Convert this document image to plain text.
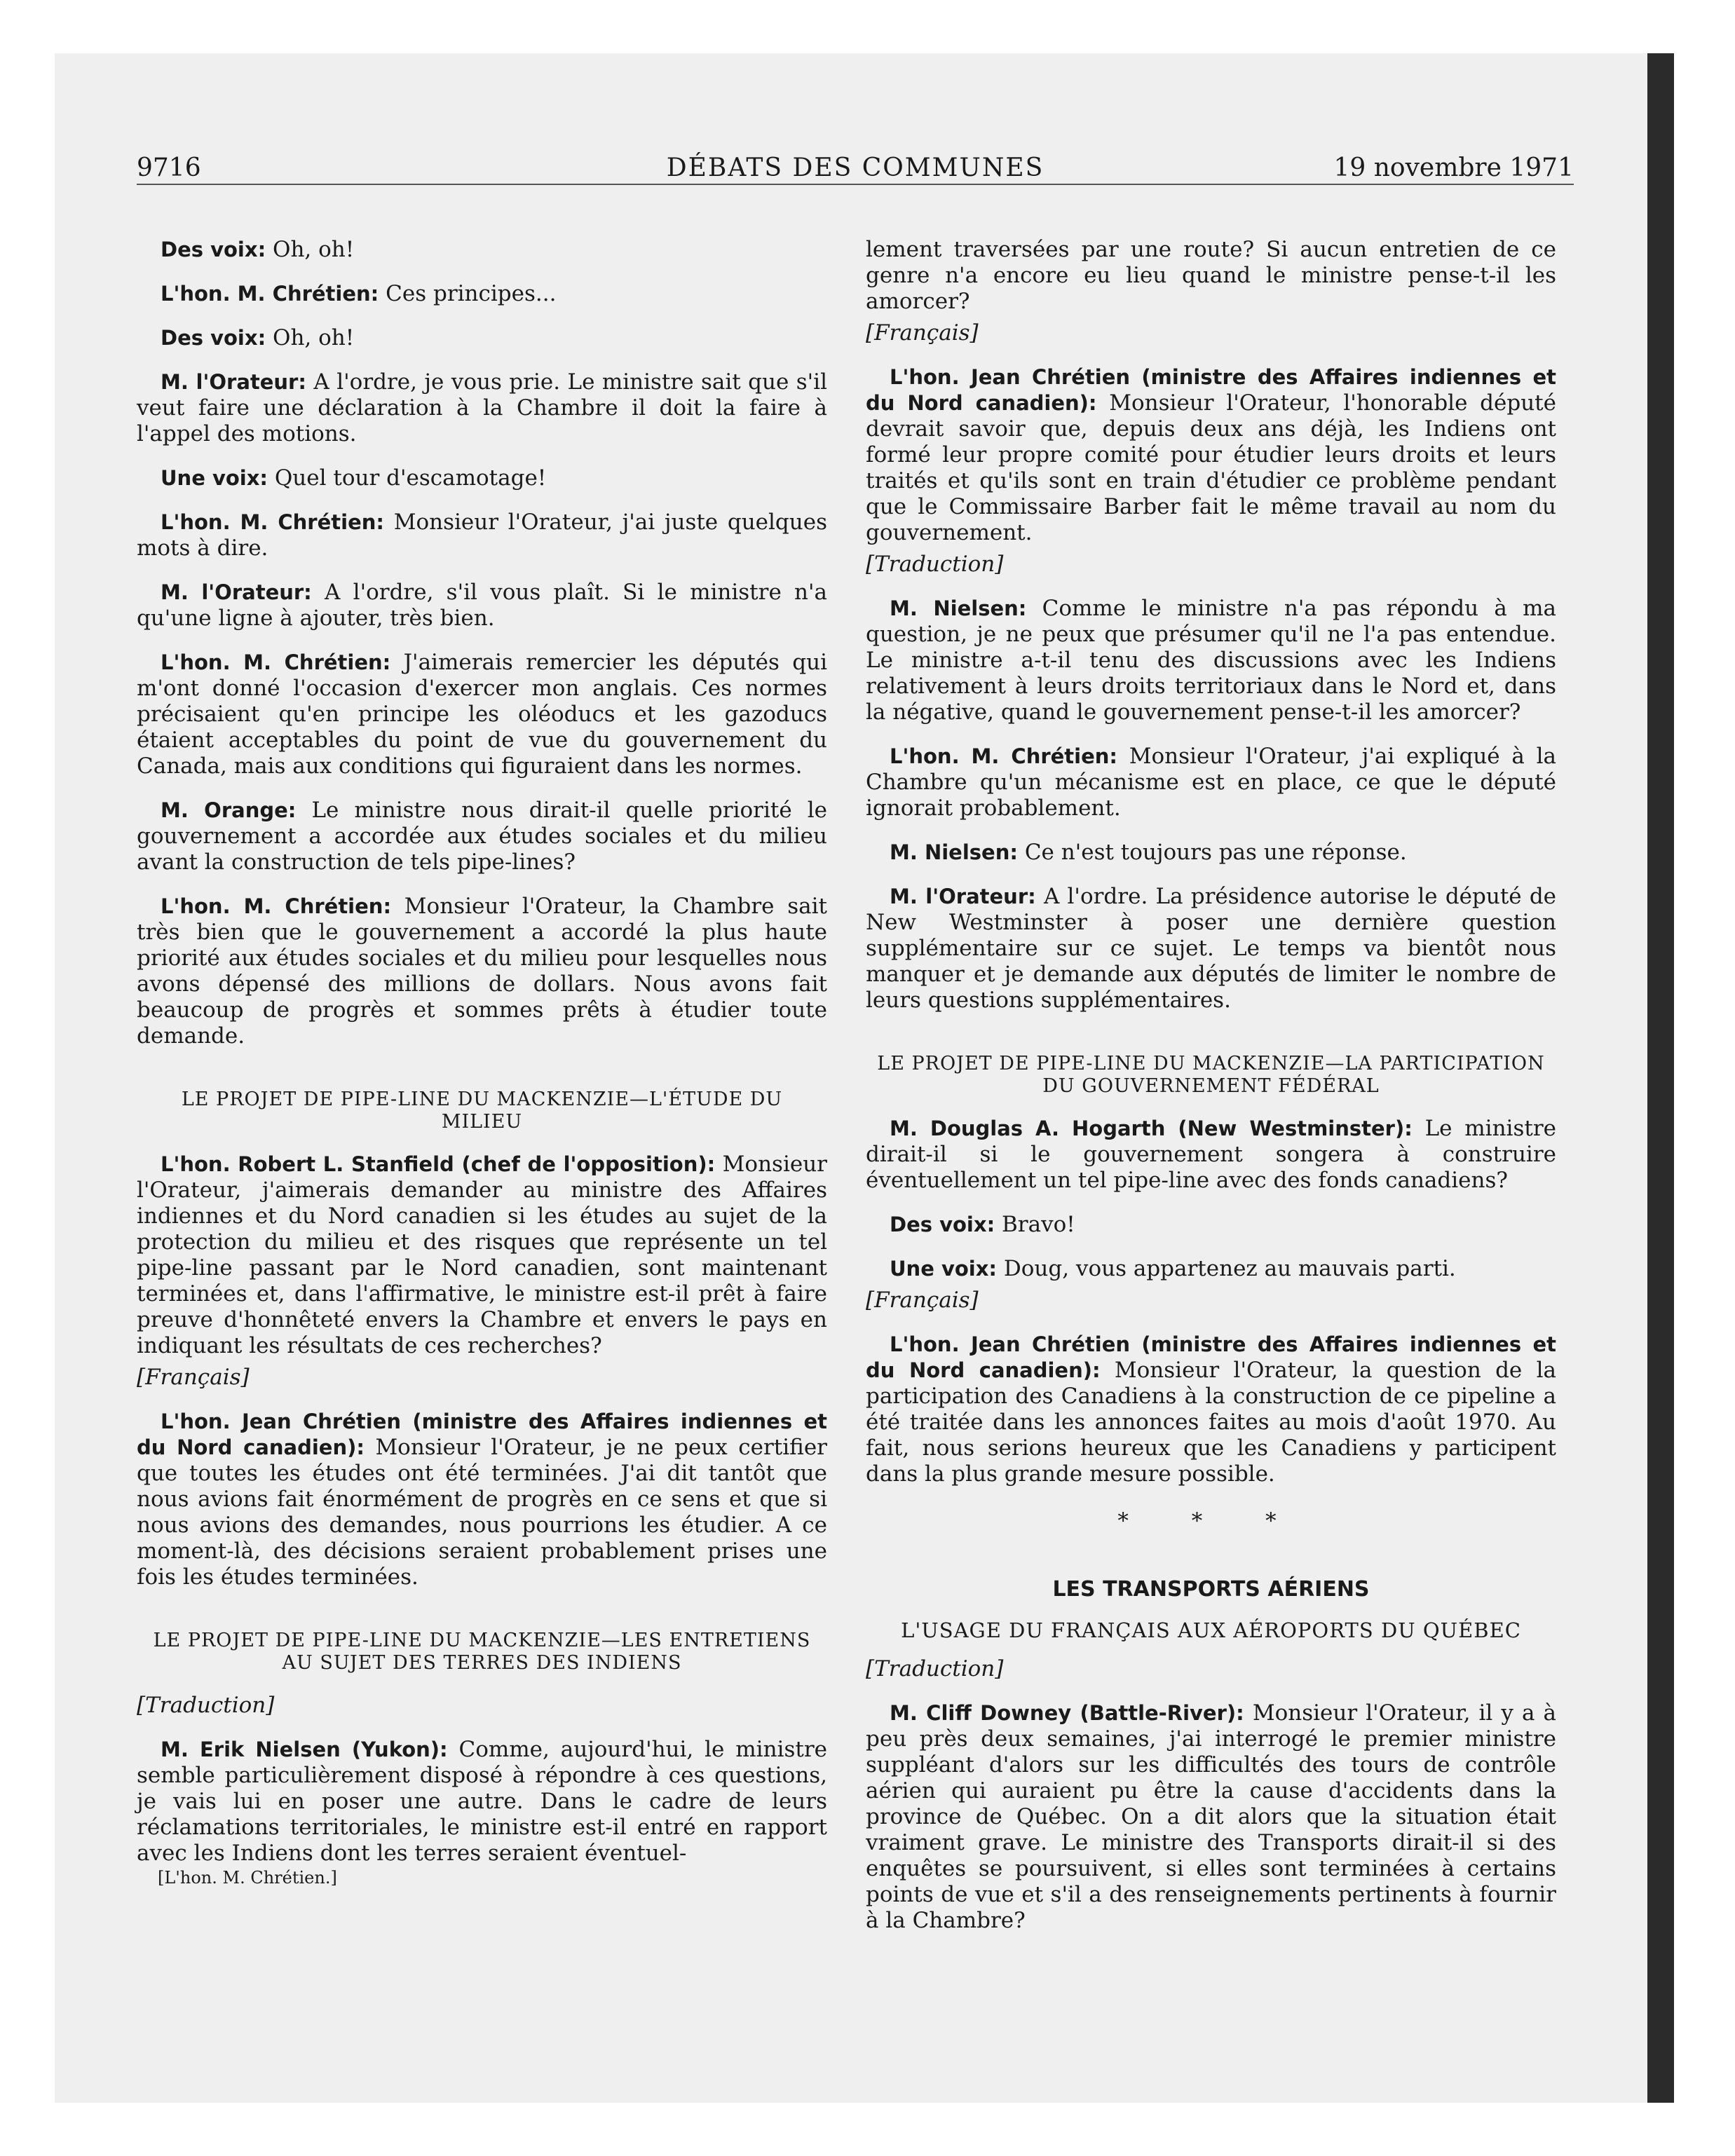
9716	DÉBATS DES COMMUNES	19 novembre 1971

Des voix: Oh, oh!

L'hon. M. Chrétien: Ces principes...

Des voix: Oh, oh!

M. l'Orateur: A l'ordre, je vous prie. Le ministre sait que s'il veut faire une déclaration à la Chambre il doit la faire à l'appel des motions.

Une voix: Quel tour d'escamotage!

L'hon. M. Chrétien: Monsieur l'Orateur, j'ai juste quelques mots à dire.

M. l'Orateur: A l'ordre, s'il vous plaît. Si le ministre n'a qu'une ligne à ajouter, très bien.

L'hon. M. Chrétien: J'aimerais remercier les députés qui m'ont donné l'occasion d'exercer mon anglais. Ces normes précisaient qu'en principe les oléoducs et les gazoducs étaient acceptables du point de vue du gouvernement du Canada, mais aux conditions qui figuraient dans les normes.

M. Orange: Le ministre nous dirait-il quelle priorité le gouvernement a accordée aux études sociales et du milieu avant la construction de tels pipe-lines?

L'hon. M. Chrétien: Monsieur l'Orateur, la Chambre sait très bien que le gouvernement a accordé la plus haute priorité aux études sociales et du milieu pour lesquelles nous avons dépensé des millions de dollars. Nous avons fait beaucoup de progrès et sommes prêts à étudier toute demande.

LE PROJET DE PIPE-LINE DU MACKENZIE—L'ÉTUDE DU MILIEU

L'hon. Robert L. Stanfield (chef de l'opposition): Monsieur l'Orateur, j'aimerais demander au ministre des Affaires indiennes et du Nord canadien si les études au sujet de la protection du milieu et des risques que représente un tel pipe-line passant par le Nord canadien, sont maintenant terminées et, dans l'affirmative, le ministre est-il prêt à faire preuve d'honnêteté envers la Chambre et envers le pays en indiquant les résultats de ces recherches?

[Français]

L'hon. Jean Chrétien (ministre des Affaires indiennes et du Nord canadien): Monsieur l'Orateur, je ne peux certifier que toutes les études ont été terminées. J'ai dit tantôt que nous avions fait énormément de progrès en ce sens et que si nous avions des demandes, nous pourrions les étudier. A ce moment-là, des décisions seraient probablement prises une fois les études terminées.

LE PROJET DE PIPE-LINE DU MACKENZIE—LES ENTRETIENS AU SUJET DES TERRES DES INDIENS

[Traduction]

M. Erik Nielsen (Yukon): Comme, aujourd'hui, le ministre semble particulièrement disposé à répondre à ces questions, je vais lui en poser une autre. Dans le cadre de leurs réclamations territoriales, le ministre est-il entré en rapport avec les Indiens dont les terres seraient éventuel-

[L'hon. M. Chrétien.]

lement traversées par une route? Si aucun entretien de ce genre n'a encore eu lieu quand le ministre pense-t-il les amorcer?

[Français]

L'hon. Jean Chrétien (ministre des Affaires indiennes et du Nord canadien): Monsieur l'Orateur, l'honorable député devrait savoir que, depuis deux ans déjà, les Indiens ont formé leur propre comité pour étudier leurs droits et leurs traités et qu'ils sont en train d'étudier ce problème pendant que le Commissaire Barber fait le même travail au nom du gouvernement.

[Traduction]

M. Nielsen: Comme le ministre n'a pas répondu à ma question, je ne peux que présumer qu'il ne l'a pas entendue. Le ministre a-t-il tenu des discussions avec les Indiens relativement à leurs droits territoriaux dans le Nord et, dans la négative, quand le gouvernement pense-t-il les amorcer?

L'hon. M. Chrétien: Monsieur l'Orateur, j'ai expliqué à la Chambre qu'un mécanisme est en place, ce que le député ignorait probablement.

M. Nielsen: Ce n'est toujours pas une réponse.

M. l'Orateur: A l'ordre. La présidence autorise le député de New Westminster à poser une dernière question supplémentaire sur ce sujet. Le temps va bientôt nous manquer et je demande aux députés de limiter le nombre de leurs questions supplémentaires.

LE PROJET DE PIPE-LINE DU MACKENZIE—LA PARTICIPATION DU GOUVERNEMENT FÉDÉRAL

M. Douglas A. Hogarth (New Westminster): Le ministre dirait-il si le gouvernement songera à construire éventuellement un tel pipe-line avec des fonds canadiens?

Des voix: Bravo!

Une voix: Doug, vous appartenez au mauvais parti.

[Français]

L'hon. Jean Chrétien (ministre des Affaires indiennes et du Nord canadien): Monsieur l'Orateur, la question de la participation des Canadiens à la construction de ce pipeline a été traitée dans les annonces faites au mois d'août 1970. Au fait, nous serions heureux que les Canadiens y participent dans la plus grande mesure possible.

* * *
LES TRANSPORTS AÉRIENS
L'USAGE DU FRANÇAIS AUX AÉROPORTS DU QUÉBEC

[Traduction]

M. Cliff Downey (Battle-River): Monsieur l'Orateur, il y a à peu près deux semaines, j'ai interrogé le premier ministre suppléant d'alors sur les difficultés des tours de contrôle aérien qui auraient pu être la cause d'accidents dans la province de Québec. On a dit alors que la situation était vraiment grave. Le ministre des Transports dirait-il si des enquêtes se poursuivent, si elles sont terminées à certains points de vue et s'il a des renseignements pertinents à fournir à la Chambre?
